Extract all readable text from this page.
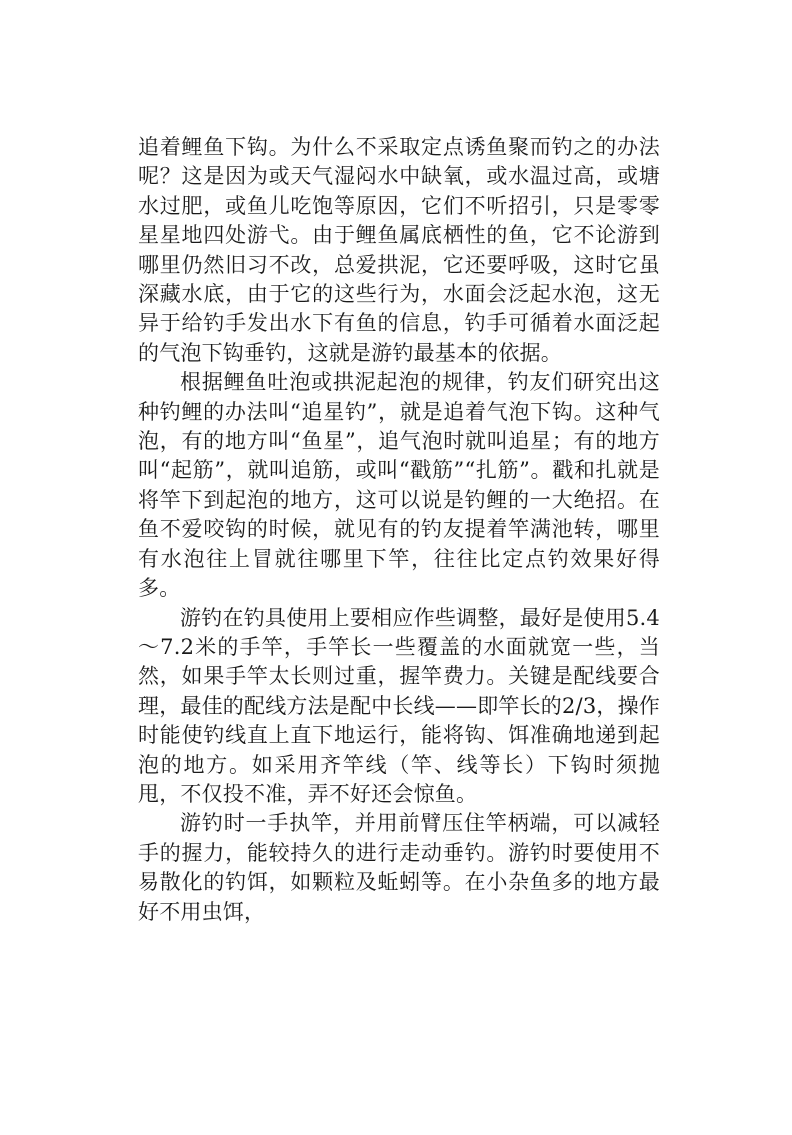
追着鲤鱼下钩。为什么不采取定点诱鱼聚而钓之的办法呢？这是因为或天气湿闷水中缺氧，或水温过高，或塘水过肥，或鱼儿吃饱等原因，它们不听招引，只是零零星星地四处游弋。由于鲤鱼属底栖性的鱼，它不论游到哪里仍然旧习不改，总爱拱泥，它还要呼吸，这时它虽深藏水底，由于它的这些行为，水面会泛起水泡，这无异于给钓手发出水下有鱼的信息，钓手可循着水面泛起的气泡下钩垂钓，这就是游钓最基本的依据。

根据鲤鱼吐泡或拱泥起泡的规律，钓友们研究出这种钓鲤的办法叫“追星钓”，就是追着气泡下钩。这种气泡，有的地方叫“鱼星”，追气泡时就叫追星；有的地方叫“起筋”，就叫追筋，或叫“戳筋”“扎筋”。戳和扎就是将竿下到起泡的地方，这可以说是钓鲤的一大绝招。在鱼不爱咬钩的时候，就见有的钓友提着竿满池转，哪里有水泡往上冒就往哪里下竿，往往比定点钓效果好得多。

游钓在钓具使用上要相应作些调整，最好是使用5.4～7.2米的手竿，手竿长一些覆盖的水面就宽一些，当然，如果手竿太长则过重，握竿费力。关键是配线要合理，最佳的配线方法是配中长线——即竿长的2/3，操作时能使钓线直上直下地运行，能将钩、饵准确地递到起泡的地方。如采用齐竿线（竿、线等长）下钩时须抛甩，不仅投不准，弄不好还会惊鱼。

游钓时一手执竿，并用前臂压住竿柄端，可以减轻手的握力，能较持久的进行走动垂钓。游钓时要使用不易散化的钓饵，如颗粒及蚯蚓等。在小杂鱼多的地方最好不用虫饵，
